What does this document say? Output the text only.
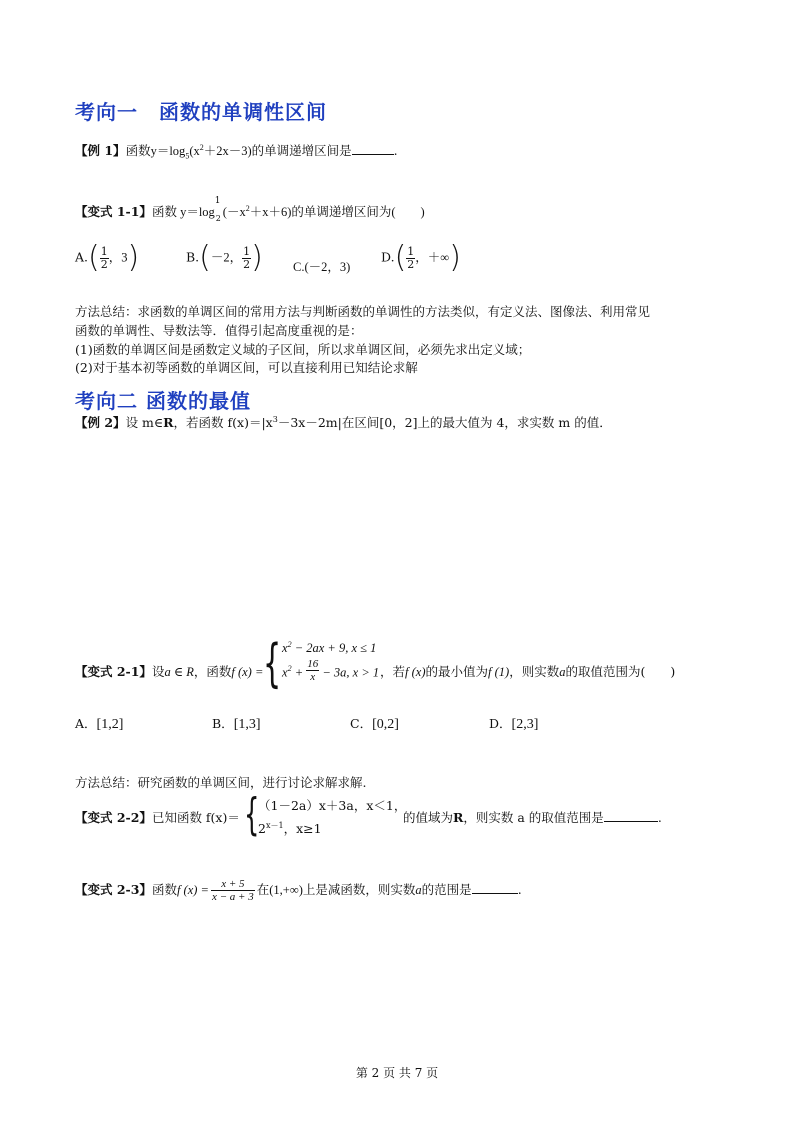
考向一　函数的单调性区间
【例 1】函数$y=\log_5(x^2+2x-3)$的单调递增区间是	.
【变式 1-1】函数 y＝log
1
2 $(-x^2+x+6)$的单调递增区间为(　　)
$A.( \frac{1}{2}$ ，3)	B.(－2， $\frac{1}{2}$ ) C.(－2，3)
$D.( \frac{1}{2}$ ，＋∞)
方法总结：求函数的单调区间的常用方法与判断函数的单调性的方法类似，有定义法、图像法、利用常见
函数的单调性、导数法等．值得引起高度重视的是：
(1)函数的单调区间是函数定义域的子区间，所以求单调区间，必须先求出定义域；
(2)对于基本初等函数的单调区间，可以直接利用已知结论求解
考向二 函数的最值
【例 2】设 m∈R，若函数 $f(x)=|x^3-3x-2m|$在区间[0，2]上的最大值为 4，求实数 m 的值．
【变式 2-1】设a ∈ R，函数f (x) = { $x^2 - 2ax + 9$, x ≤ 1
$x^2 + \frac{16}{x} - 3a$, x > 1 ，若f (x)的最小值为f (1)，则实数a的取值范围为(　　)
A．[1,2]	B．[1,3]	C．[0,2]	D．[2,3]
方法总结：研究函数的单调区间，进行讨论求解求解.
【变式 2-2】已知函数 f(x)＝ {
（1－2a）x＋3a，x＜1，
$2^{x-1}$，x≥1
的值域为R，则实数 a 的取值范围是	.
【变式 2-3】函数f $(x) = \frac{x + 5}{x - a + 3}$ 在(1,+∞)上是减函数，则实数a的范围是	.
第 2 页 共 7 页
